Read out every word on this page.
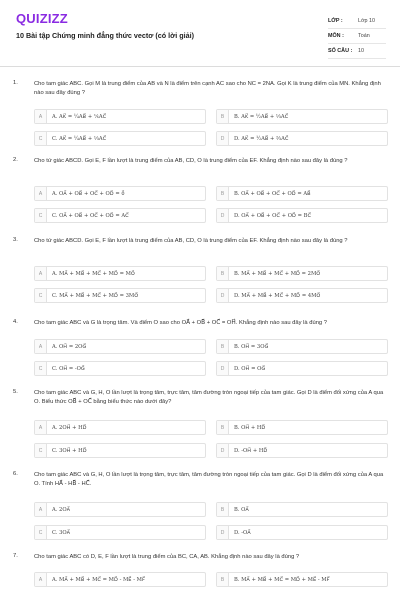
QUIZIZZ
10 Bài tập Chứng minh đẳng thức vectơ (có lời giải)
LỚP :	Lớp 10
MÔN :	Toán
SỐ CÂU :	10
1.	Cho tam giác ABC. Gọi M là trung điểm của AB và N là điểm trên cạnh AC sao cho NC = 2NA. Gọi K là trung điểm của MN. Khẳng định nào sau đây đúng ?
A	A. AK⃗ = ¼AB⃗ + ⅙AC⃗	B	B. AK⃗ = ½AB⃗ + ⅓AC⃗
C	C. AK⃗ = ¼AB⃗ + ⅓AC⃗	D	D. AK⃗ = ½AB⃗ + ⅔AC⃗
2.	Cho tứ giác ABCD. Gọi E, F lần lượt là trung điểm của AB, CD, O là trung điểm của EF. Khẳng định nào sau đây là đúng ?
A	A. OA⃗ + OB⃗ + OC⃗ + OD⃗ = 0⃗	B	B. OA⃗ + OB⃗ + OC⃗ + OD⃗ = AB⃗
C	C. OA⃗ + OB⃗ + OC⃗ + OD⃗ = AC⃗	D	D. OA⃗ + OB⃗ + OC⃗ + OD⃗ = BC⃗
3.	Cho tứ giác ABCD. Gọi E, F lần lượt là trung điểm của AB, CD, O là trung điểm của EF. Khẳng định nào sau đây là đúng ?
A	A. MA⃗ + MB⃗ + MC⃗ + MD⃗ = MO⃗	B	B. MA⃗ + MB⃗ + MC⃗ + MD⃗ = 2MO⃗
C	C. MA⃗ + MB⃗ + MC⃗ + MD⃗ = 3MO⃗	D	D. MA⃗ + MB⃗ + MC⃗ + MD⃗ = 4MO⃗
4.	Cho tam giác ABC và G là trọng tâm. Và điểm O sao cho OA⃗ + OB⃗ + OC⃗ = OH⃗. Khẳng định nào sau đây là đúng ?
A	A. OH⃗ = 2OG⃗	B	B. OH⃗ = 3OG⃗
C	C. OH⃗ = -OG⃗	D	D. OH⃗ = OG⃗
5.	Cho tam giác ABC và G, H, O lần lượt là trọng tâm, trực tâm, tâm đường tròn ngoại tiếp của tam giác. Gọi D là điểm đối xứng của A qua O. Biểu thức OB⃗ + OC⃗ bằng biểu thức nào dưới đây?
A	A. 2OH⃗ + HD⃗	B	B. OH⃗ + HD⃗
C	C. 3OH⃗ + HD⃗	D	D. -OH⃗ + HD⃗
6.	Cho tam giác ABC và G, H, O lần lượt là trọng tâm, trực tâm, tâm đường tròn ngoại tiếp của tam giác. Gọi D là điểm đối xứng của A qua O. Tính HA⃗ - HB⃗ - HC⃗.
A	A. 2OA⃗	B	B. OA⃗
C	C. 3OA⃗	D	D. -OA⃗
7.	Cho tam giác ABC có D, E, F lần lượt là trung điểm của BC, CA, AB. Khẳng định nào sau đây là đúng ?
A	A. MA⃗ + MB⃗ + MC⃗ = MD⃗ - ME⃗ - MF⃗	B	B. MA⃗ + MB⃗ + MC⃗ = MD⃗ + ME⃗ - MF⃗
